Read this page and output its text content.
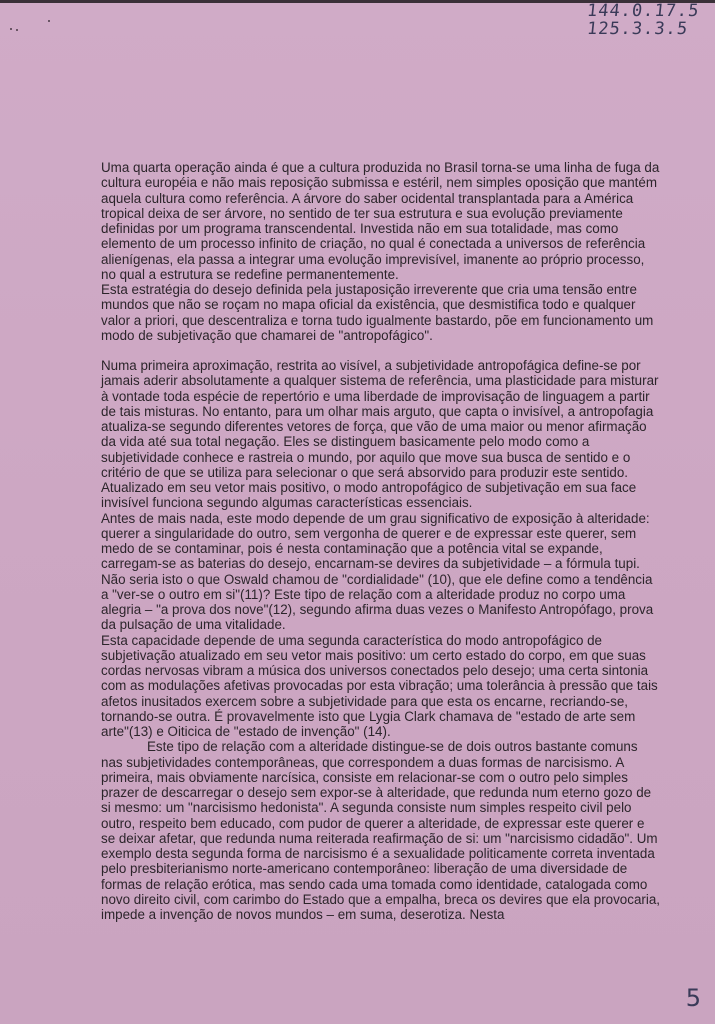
144.0.17.5
125.3.3.5

Uma quarta operação ainda é que a cultura produzida no Brasil torna-se uma linha de fuga da cultura européia e não mais reposição submissa e estéril, nem simples oposição que mantém aquela cultura como referência. A árvore do saber ocidental transplantada para a América tropical deixa de ser árvore, no sentido de ter sua estrutura e sua evolução previamente definidas por um programa transcendental. Investida não em sua totalidade, mas como elemento de um processo infinito de criação, no qual é conectada a universos de referência alienígenas, ela passa a integrar uma evolução imprevisível, imanente ao próprio processo, no qual a estrutura se redefine permanentemente.

Esta estratégia do desejo definida pela justaposição irreverente que cria uma tensão entre mundos que não se roçam no mapa oficial da existência, que desmistifica todo e qualquer valor a priori, que descentraliza e torna tudo igualmente bastardo, põe em funcionamento um modo de subjetivação que chamarei de "antropofágico".

Numa primeira aproximação, restrita ao visível, a subjetividade antropofágica define-se por jamais aderir absolutamente a qualquer sistema de referência, uma plasticidade para misturar à vontade toda espécie de repertório e uma liberdade de improvisação de linguagem a partir de tais misturas. No entanto, para um olhar mais arguto, que capta o invisível, a antropofagia atualiza-se segundo diferentes vetores de força, que vão de uma maior ou menor afirmação da vida até sua total negação. Eles se distinguem basicamente pelo modo como a subjetividade conhece e rastreia o mundo, por aquilo que move sua busca de sentido e o critério de que se utiliza para selecionar o que será absorvido para produzir este sentido. Atualizado em seu vetor mais positivo, o modo antropofágico de subjetivação em sua face invisível funciona segundo algumas características essenciais.

Antes de mais nada, este modo depende de um grau significativo de exposição à alteridade: querer a singularidade do outro, sem vergonha de querer e de expressar este querer, sem medo de se contaminar, pois é nesta contaminação que a potência vital se expande, carregam-se as baterias do desejo, encarnam-se devires da subjetividade – a fórmula tupi. Não seria isto o que Oswald chamou de "cordialidade" (10), que ele define como a tendência a "ver-se o outro em si"(11)? Este tipo de relação com a alteridade produz no corpo uma alegria – "a prova dos nove"(12), segundo afirma duas vezes o Manifesto Antropófago, prova da pulsação de uma vitalidade.

Esta capacidade depende de uma segunda característica do modo antropofágico de subjetivação atualizado em seu vetor mais positivo: um certo estado do corpo, em que suas cordas nervosas vibram a música dos universos conectados pelo desejo; uma certa sintonia com as modulações afetivas provocadas por esta vibração; uma tolerância à pressão que tais afetos inusitados exercem sobre a subjetividade para que esta os encarne, recriando-se, tornando-se outra. É provavelmente isto que Lygia Clark chamava de "estado de arte sem arte"(13) e Oiticica de "estado de invenção" (14).

Este tipo de relação com a alteridade distingue-se de dois outros bastante comuns nas subjetividades contemporâneas, que correspondem a duas formas de narcisismo. A primeira, mais obviamente narcísica, consiste em relacionar-se com o outro pelo simples prazer de descarregar o desejo sem expor-se à alteridade, que redunda num eterno gozo de si mesmo: um "narcisismo hedonista". A segunda consiste num simples respeito civil pelo outro, respeito bem educado, com pudor de querer a alteridade, de expressar este querer e se deixar afetar, que redunda numa reiterada reafirmação de si: um "narcisismo cidadão". Um exemplo desta segunda forma de narcisismo é a sexualidade politicamente correta inventada pelo presbiterianismo norte-americano contemporâneo: liberação de uma diversidade de formas de relação erótica, mas sendo cada uma tomada como identidade, catalogada como novo direito civil, com carimbo do Estado que a empalha, breca os devires que ela provocaria, impede a invenção de novos mundos – em suma, deserotiza. Nesta

5
